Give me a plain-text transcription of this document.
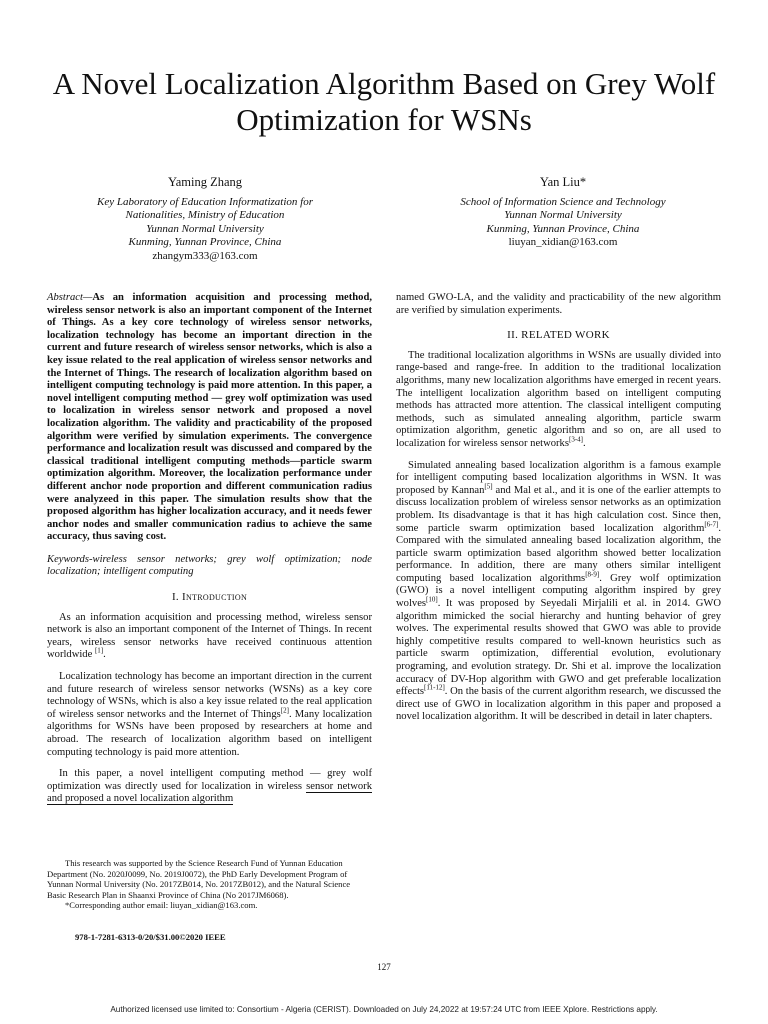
A Novel Localization Algorithm Based on Grey Wolf Optimization for WSNs
Yaming Zhang
Key Laboratory of Education Informatization for
Nationalities, Ministry of Education
Yunnan Normal University
Kunming, Yunnan Province, China
zhangym333@163.com
Yan Liu*
School of Information Science and Technology
Yunnan Normal University
Kunming, Yunnan Province, China
liuyan_xidian@163.com

Abstract—As an information acquisition and processing method, wireless sensor network is also an important component of the Internet of Things. As a key core technology of wireless sensor networks, localization technology has become an important direction in the current and future research of wireless sensor networks, which is also a key issue related to the real application of wireless sensor networks and the Internet of Things. The research of localization algorithm based on intelligent computing technology is paid more attention. In this paper, a novel intelligent computing method — grey wolf optimization was used to localization in wireless sensor network and proposed a novel localization algorithm. The validity and practicability of the proposed algorithm were verified by simulation experiments. The convergence performance and localization result was discussed and compared by the classical traditional intelligent computing methods—particle swarm optimization algorithm. Moreover, the localization performance under different anchor node proportion and different communication radius were analyzeed in this paper. The simulation results show that the proposed algorithm has higher localization accuracy, and it needs fewer anchor nodes and smaller communication radius to achieve the same accuracy, thus saving cost.

Keywords-wireless sensor networks; grey wolf optimization; node localization; intelligent computing

I. Introduction

As an information acquisition and processing method, wireless sensor network is also an important component of the Internet of Things. In recent years, wireless sensor networks have received continuous attention worldwide [1].

Localization technology has become an important direction in the current and future research of wireless sensor networks (WSNs) as a key core technology of WSNs, which is also a key issue related to the real application of wireless sensor networks and the Internet of Things[2]. Many localization algorithms for WSNs have been proposed by researchers at home and abroad. The research of localization algorithm based on intelligent computing technology is paid more attention.

In this paper, a novel intelligent computing method — grey wolf optimization was directly used for localization in wireless sensor network and proposed a novel localization algorithm

This research was supported by the Science Research Fund of Yunnan Education Department (No. 2020J0099, No. 2019J0072), the PhD Early Development Program of Yunnan Normal University (No. 2017ZB014, No. 2017ZB012), and the Natural Science Basic Research Plan in Shaanxi Province of China (No 2017JM6068).

*Corresponding author email: liuyan_xidian@163.com.

978-1-7281-6313-0/20/$31.00©2020 IEEE

named GWO-LA, and the validity and practicability of the new algorithm are verified by simulation experiments.

II. RELATED WORK

The traditional localization algorithms in WSNs are usually divided into range-based and range-free. In addition to the traditional localization algorithms, many new localization algorithms have emerged in recent years. The intelligent localization algorithm based on intelligent computing methods has attracted more attention. The classical intelligent computing methods, such as simulated annealing algorithm, particle swarm optimization algorithm, genetic algorithm and so on, are all used to localization for wireless sensor networks[3-4].

Simulated annealing based localization algorithm is a famous example for intelligent computing based localization algorithms in WSN. It was proposed by Kannan[5] and Mal et al., and it is one of the earlier attempts to discuss localization problem of wireless sensor networks as an optimization problem. Its disadvantage is that it has high calculation cost. Since then, some particle swarm optimization based localization algorithm[6-7]. Compared with the simulated annealing based localization algorithm, the particle swarm optimization based algorithm showed better localization performance. In addition, there are many others similar intelligent computing based localization algorithms[8-9]. Grey wolf optimization (GWO) is a novel intelligent computing algorithm inspired by grey wolves[10]. It was proposed by Seyedali Mirjalili et al. in 2014. GWO algorithm mimicked the social hierarchy and hunting behavior of grey wolves. The experimental results showed that GWO was able to provide highly competitive results compared to well-known heuristics such as particle swarm optimization, differential evolution, evolutionary programing, and evolution strategy. Dr. Shi et al. improve the localization accuracy of DV-Hop algorithm with GWO and get preferable localization effects[11-12]. On the basis of the current algorithm research, we discussed the direct use of GWO in localization algorithm in this paper and proposed a novel localization algorithm. It will be described in detail in later chapters.

127
Authorized licensed use limited to: Consortium - Algeria (CERIST). Downloaded on July 24,2022 at 19:57:24 UTC from IEEE Xplore. Restrictions apply.
